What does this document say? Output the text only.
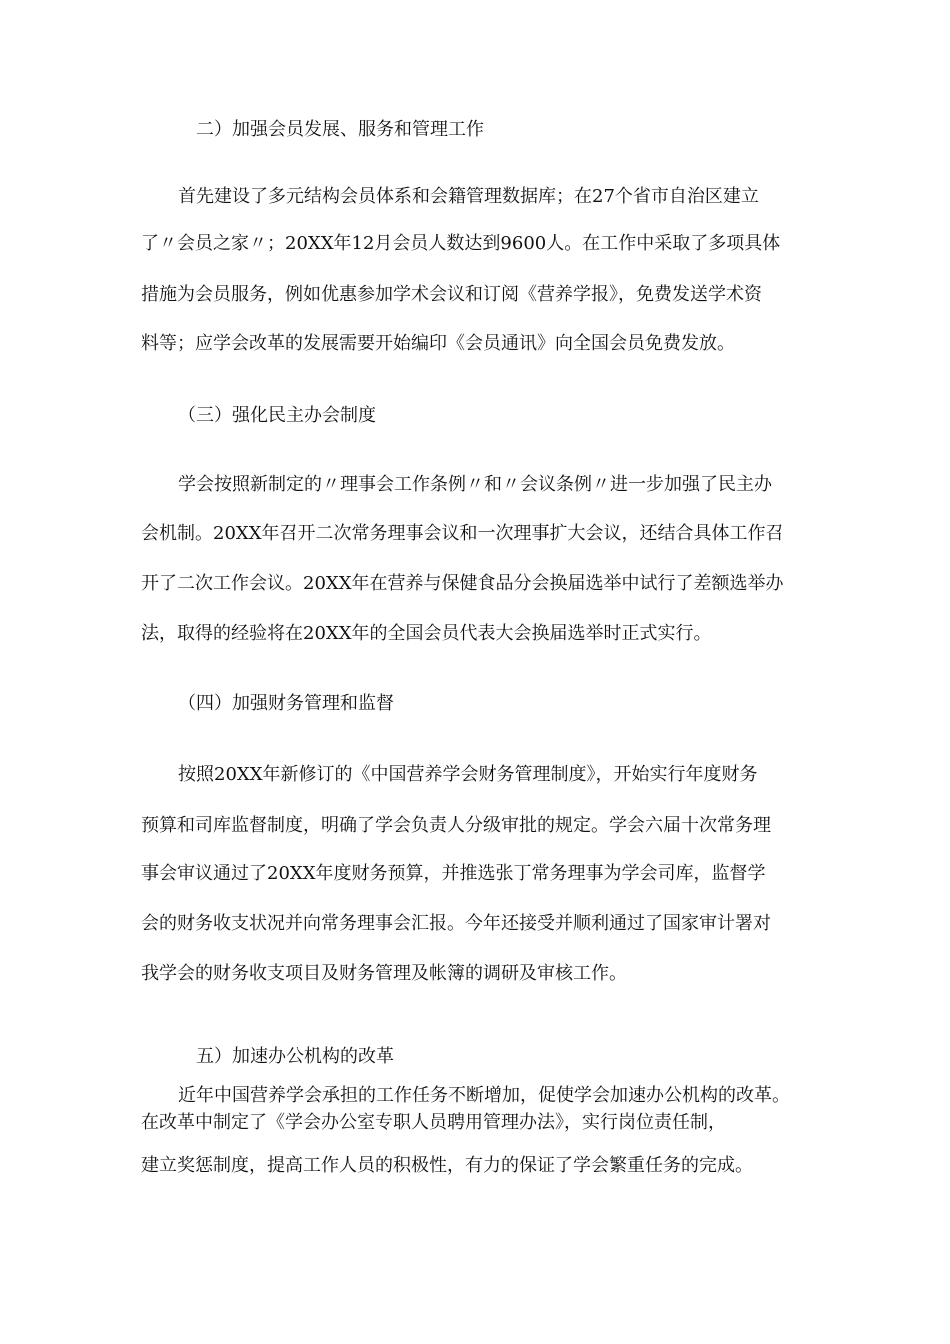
二）加强会员发展、服务和管理工作

首先建设了多元结构会员体系和会籍管理数据库；在27个省市自治区建立

了〃会员之家〃；20XX年12月会员人数达到9600人。在工作中采取了多项具体

措施为会员服务，例如优惠参加学术会议和订阅《营养学报》，免费发送学术资

料等；应学会改革的发展需要开始编印《会员通讯》向全国会员免费发放。

（三）强化民主办会制度

学会按照新制定的〃理事会工作条例〃和〃会议条例〃进一步加强了民主办

会机制。20XX年召开二次常务理事会议和一次理事扩大会议，还结合具体工作召

开了二次工作会议。20XX年在营养与保健食品分会换届选举中试行了差额选举办

法，取得的经验将在20XX年的全国会员代表大会换届选举时正式实行。

（四）加强财务管理和监督

按照20XX年新修订的《中国营养学会财务管理制度》，开始实行年度财务

预算和司库监督制度，明确了学会负责人分级审批的规定。学会六届十次常务理

事会审议通过了20XX年度财务预算，并推选张丁常务理事为学会司库，监督学

会的财务收支状况并向常务理事会汇报。今年还接受并顺利通过了国家审计署对

我学会的财务收支项目及财务管理及帐簿的调研及审核工作。

五）加速办公机构的改革

近年中国营养学会承担的工作任务不断增加，促使学会加速办公机构的改革。

在改革中制定了《学会办公室专职人员聘用管理办法》，实行岗位责任制，

建立奖惩制度，提高工作人员的积极性，有力的保证了学会繁重任务的完成。
